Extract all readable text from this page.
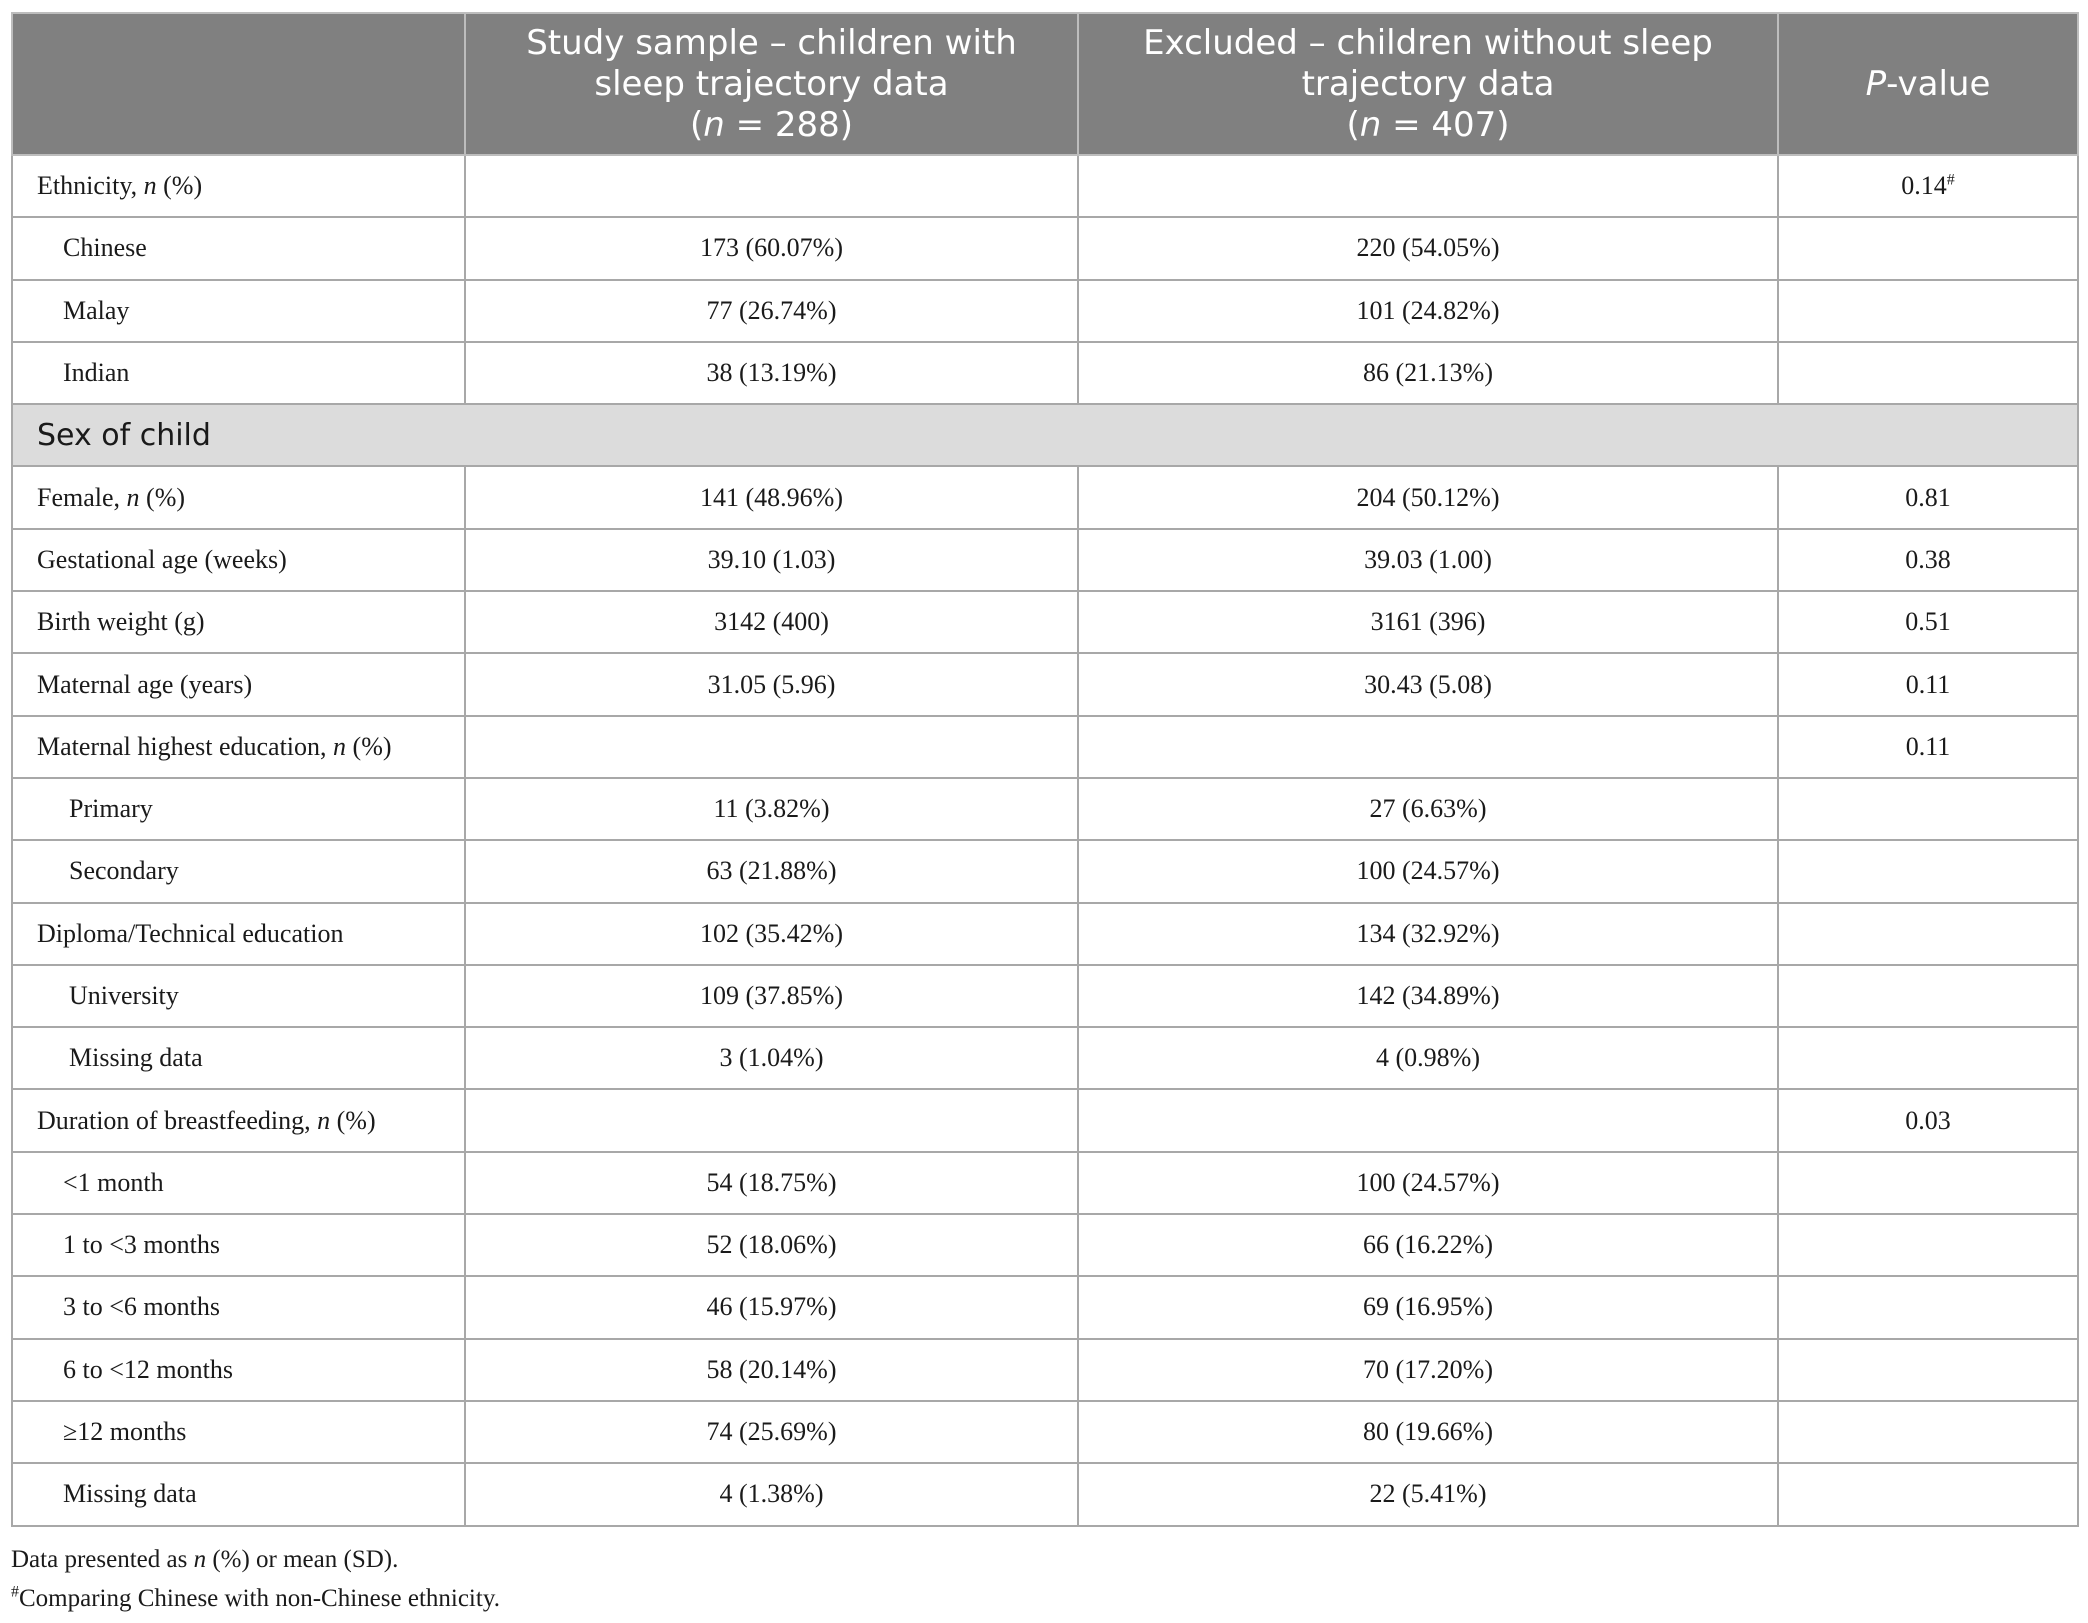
	Study sample – children with
sleep trajectory data
(n = 288)	Excluded – children without sleep
trajectory data
(n = 407)	P-value
Ethnicity, n (%)			0.14#
Chinese	173 (60.07%)	220 (54.05%)	
Malay	77 (26.74%)	101 (24.82%)	
Indian	38 (13.19%)	86 (21.13%)	
Sex of child			
Female, n (%)	141 (48.96%)	204 (50.12%)	0.81
Gestational age (weeks)	39.10 (1.03)	39.03 (1.00)	0.38
Birth weight (g)	3142 (400)	3161 (396)	0.51
Maternal age (years)	31.05 (5.96)	30.43 (5.08)	0.11
Maternal highest education, n (%)			0.11
Primary	11 (3.82%)	27 (6.63%)	
Secondary	63 (21.88%)	100 (24.57%)	
Diploma/Technical education	102 (35.42%)	134 (32.92%)	
University	109 (37.85%)	142 (34.89%)	
Missing data	3 (1.04%)	4 (0.98%)	
Duration of breastfeeding, n (%)			0.03
<1 month	54 (18.75%)	100 (24.57%)	
1 to <3 months	52 (18.06%)	66 (16.22%)	
3 to <6 months	46 (15.97%)	69 (16.95%)	
6 to <12 months	58 (20.14%)	70 (17.20%)	
≥12 months	74 (25.69%)	80 (19.66%)	
Missing data	4 (1.38%)	22 (5.41%)	
Data presented as n (%) or mean (SD).
#Comparing Chinese with non-Chinese ethnicity.
